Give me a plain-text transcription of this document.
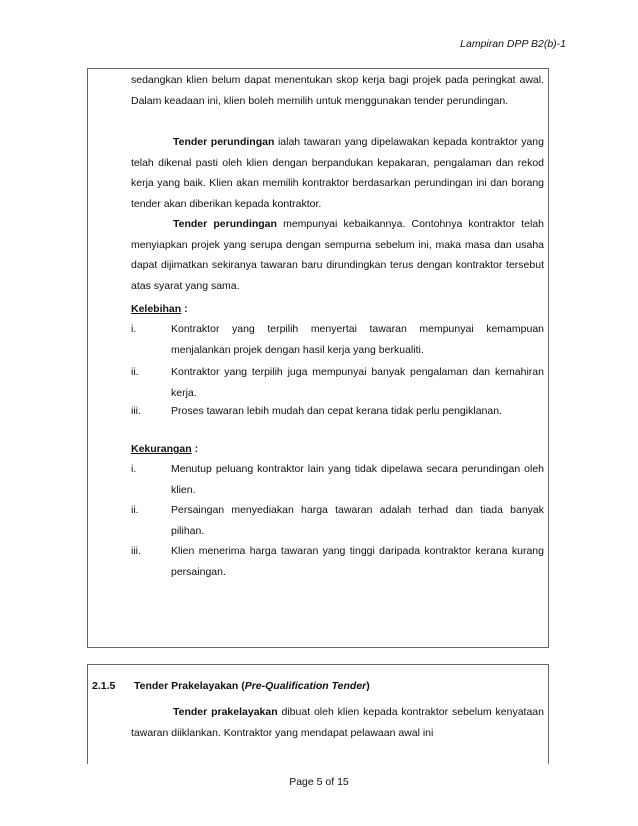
Lampiran DPP B2(b)-1

sedangkan klien belum dapat menentukan skop kerja bagi projek pada peringkat awal. Dalam keadaan ini, klien boleh memilih untuk menggunakan tender perundingan.

Tender perundingan ialah tawaran yang dipelawakan kepada kontraktor yang telah dikenal pasti oleh klien dengan berpandukan kepakaran, pengalaman dan rekod kerja yang baik. Klien akan memilih kontraktor berdasarkan perundingan ini dan borang tender akan diberikan kepada kontraktor.

Tender perundingan mempunyai kebaikannya. Contohnya kontraktor telah menyiapkan projek yang serupa dengan sempurna sebelum ini, maka masa dan usaha dapat dijimatkan sekiranya tawaran baru dirundingkan terus dengan kontraktor tersebut atas syarat yang sama.

Kelebihan :
i.	Kontraktor yang terpilih menyertai tawaran mempunyai kemampuan menjalankan projek dengan hasil kerja yang berkualiti.
ii.	Kontraktor yang terpilih juga mempunyai banyak pengalaman dan kemahiran kerja.
iii.	Proses tawaran lebih mudah dan cepat kerana tidak perlu pengiklanan.
Kekurangan :
i.	Menutup peluang kontraktor lain yang tidak dipelawa secara perundingan oleh klien.
ii.	Persaingan menyediakan harga tawaran adalah terhad dan tiada banyak pilihan.
iii.	Klien menerima harga tawaran yang tinggi daripada kontraktor kerana kurang persaingan.
2.1.5 Tender Prakelayakan (Pre-Qualification Tender)

Tender prakelayakan dibuat oleh klien kepada kontraktor sebelum kenyataan tawaran diiklankan. Kontraktor yang mendapat pelawaan awal ini

Page 5 of 15
